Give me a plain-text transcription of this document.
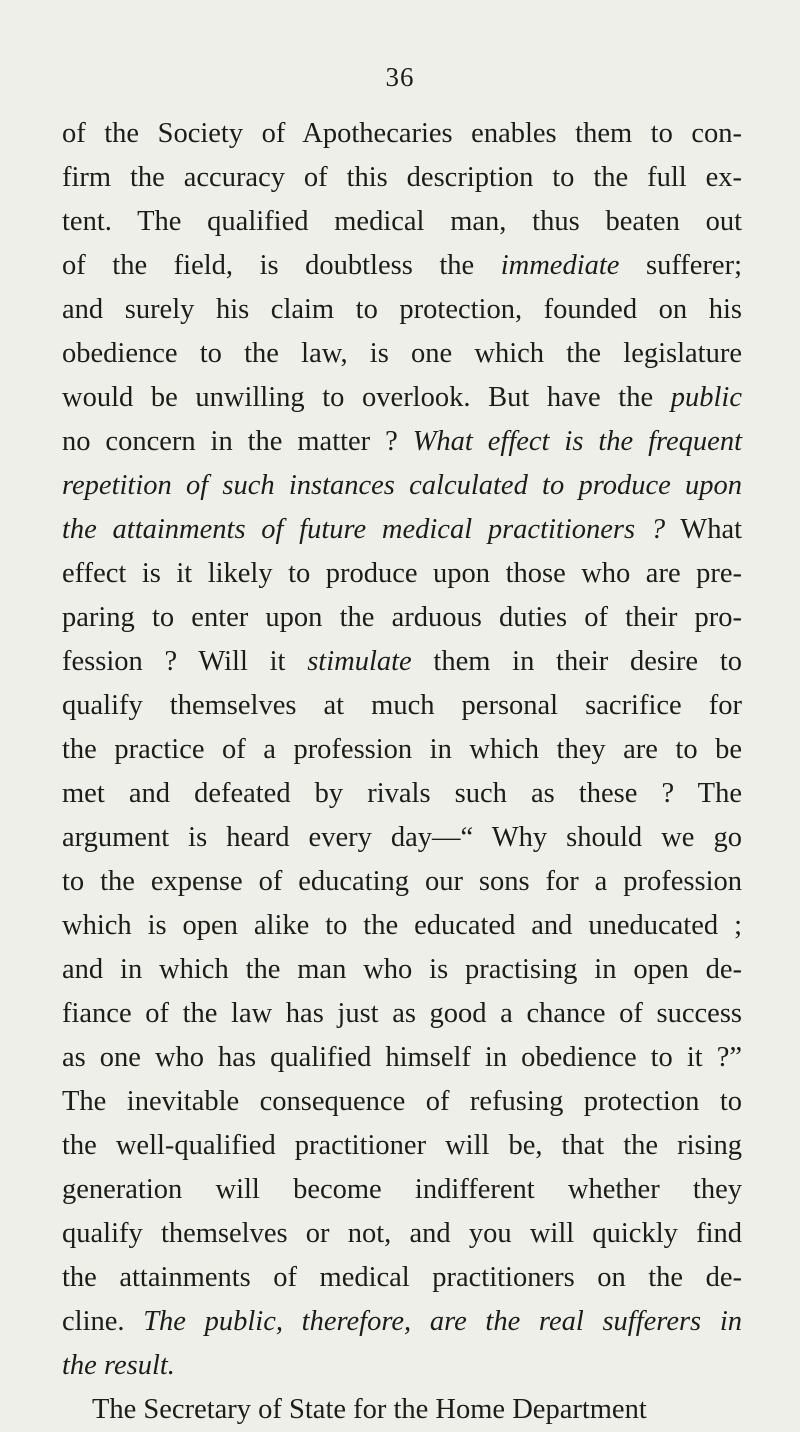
36
of the Society of Apothecaries enables them to con-
firm the accuracy of this description to the full ex-
tent. The qualified medical man, thus beaten out
of the field, is doubtless the immediate sufferer;
and surely his claim to protection, founded on his
obedience to the law, is one which the legislature
would be unwilling to overlook. But have the public
no concern in the matter ? What effect is the frequent
repetition of such instances calculated to produce upon
the attainments of future medical practitioners ? What
effect is it likely to produce upon those who are pre-
paring to enter upon the arduous duties of their pro-
fession ? Will it stimulate them in their desire to
qualify themselves at much personal sacrifice for
the practice of a profession in which they are to be
met and defeated by rivals such as these ? The
argument is heard every day—“ Why should we go
to the expense of educating our sons for a profession
which is open alike to the educated and uneducated ;
and in which the man who is practising in open de-
fiance of the law has just as good a chance of success
as one who has qualified himself in obedience to it ?”
The inevitable consequence of refusing protection to
the well-qualified practitioner will be, that the rising
generation will become indifferent whether they
qualify themselves or not, and you will quickly find
the attainments of medical practitioners on the de-
cline. The public, therefore, are the real sufferers in
the result.
The Secretary of State for the Home Department
